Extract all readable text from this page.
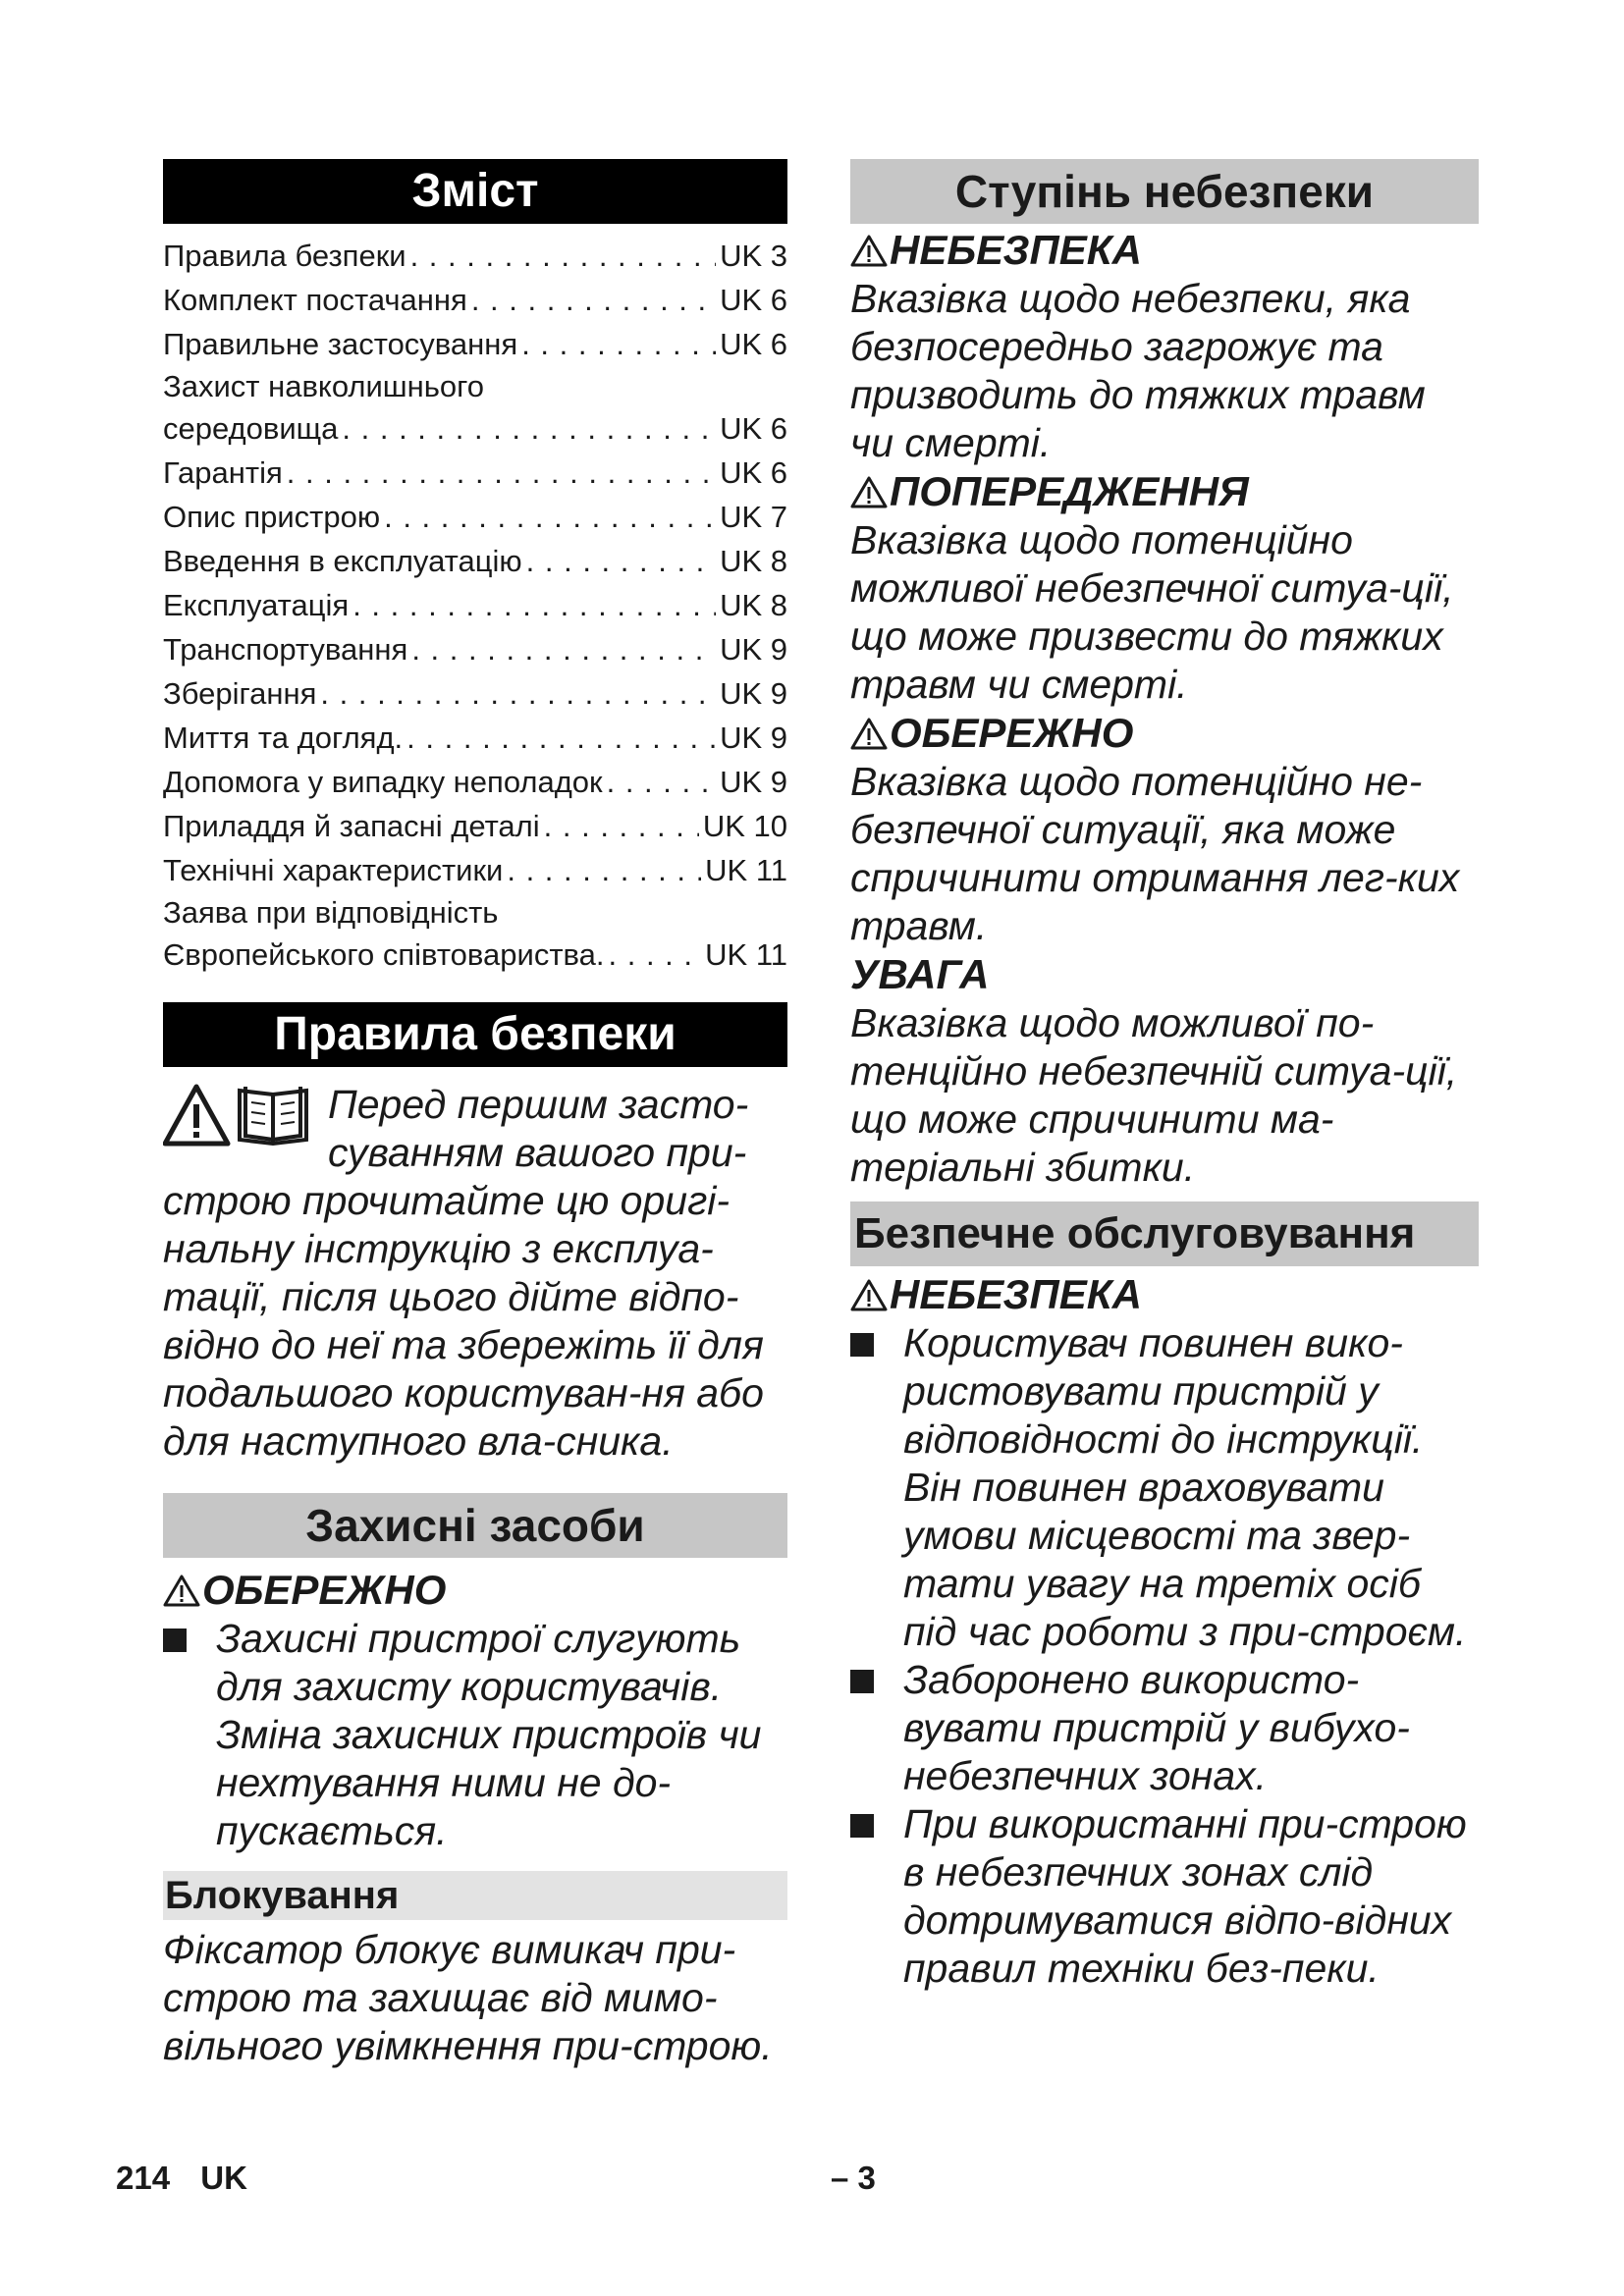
Зміст
Правила безпеки . . .	UK 3
Комплект постачання . . .	UK 6
Правильне застосування . . .	UK 6
Захист навколишнього
середовища . . .	UK 6
Гарантія . . .	UK 6
Опис пристрою . . .	UK 7
Введення в експлуатацію . . .	UK 8
Експлуатація . . .	UK 8
Транспортування . . .	UK 9
Зберігання . . .	UK 9
Миття та догляд. . . .	UK 9
Допомога у випадку неполадок . . .	UK 9
Приладдя й запасні деталі . . .	UK 10
Технічні характеристики . . .	UK 11
Заява при відповідність
Європейського співтовариства. . . .	UK 11
Правила безпеки

Перед першим засто-суванням вашого при-строю прочитайте цю оригі-нальну інструкцію з експлуа-тації, після цього дійте відпо-відно до неї та збережіть її для подальшого користуван-ня або для наступного вла-сника.

Захисні засоби

ОБЕРЕЖНО

Захисні пристрої слугують для захисту користувачів. Зміна захисних пристроїв чи нехтування ними не до-пускається.
Блокування

Фіксатор блокує вимикач при-строю та захищає від мимо-вільного увімкнення при-строю.

Ступінь небезпеки

НЕБЕЗПЕКА

Вказівка щодо небезпеки, яка безпосередньо загрожує та призводить до тяжких травм чи смерті.

ПОПЕРЕДЖЕННЯ

Вказівка щодо потенційно можливої небезпечної ситуа-ції, що може призвести до тяжких травм чи смерті.

ОБЕРЕЖНО

Вказівка щодо потенційно не-безпечної ситуації, яка може спричинити отримання лег-ких травм.

УВАГА

Вказівка щодо можливої по-тенційно небезпечній ситуа-ції, що може спричинити ма-теріальні збитки.

Безпечне обслуговування

НЕБЕЗПЕКА

Користувач повинен вико-ристовувати пристрій у відповідності до інструкції. Він повинен враховувати умови місцевості та звер-тати увагу на третіх осіб під час роботи з при-строєм.
Заборонено використо-вувати пристрій у вибухо-небезпечних зонах.
При використанні при-строю в небезпечних зонах слід дотримуватися відпо-відних правил техніки без-пеки.
214 UK	– 3
